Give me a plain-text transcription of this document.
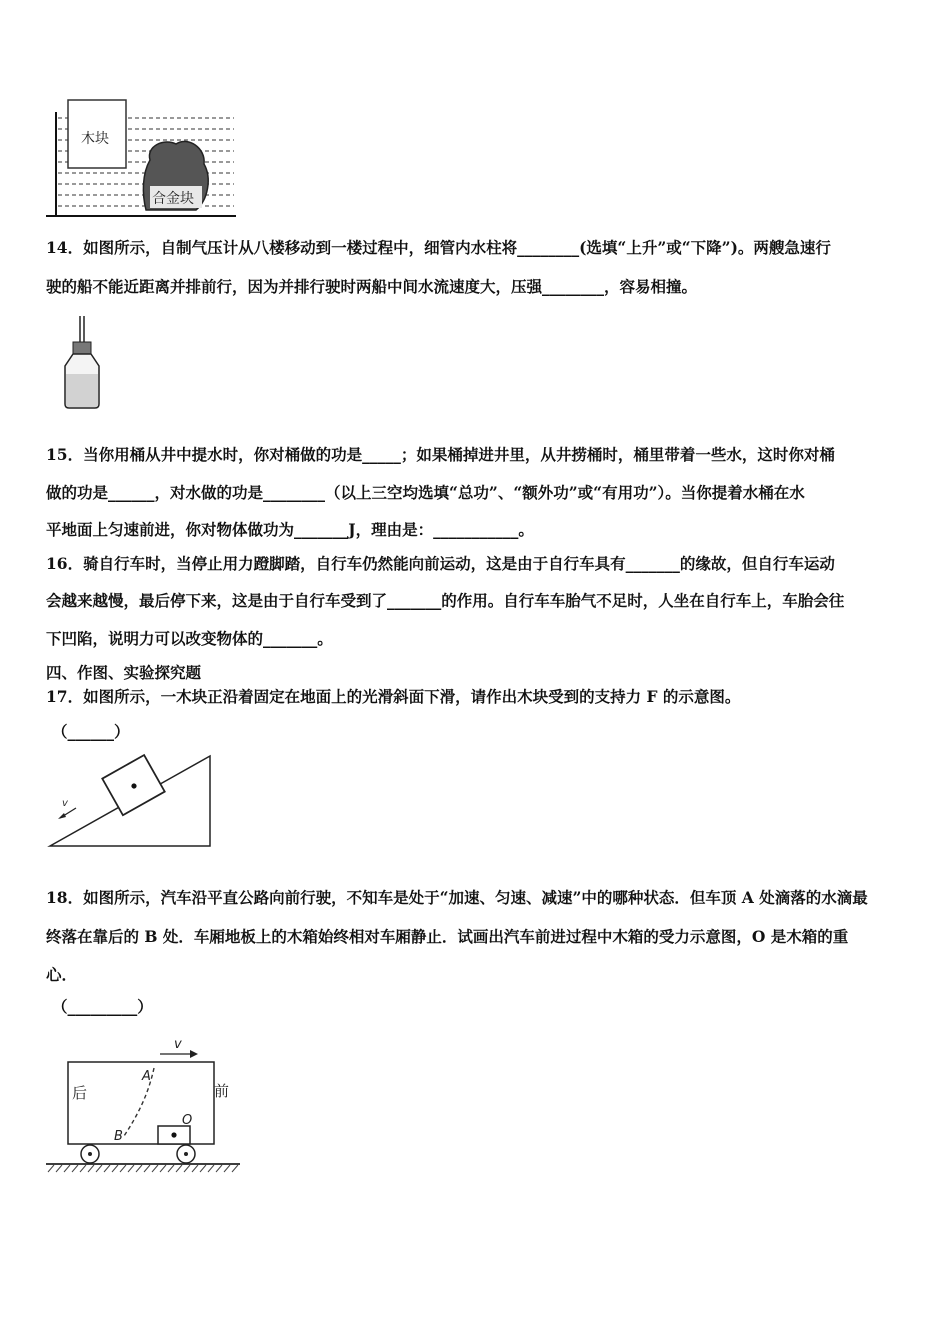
木块
合金块
14．如图所示，自制气压计从八楼移动到一楼过程中，细管内水柱将________(选填“上升”或“下降”)。两艘急速行
驶的船不能近距离并排前行，因为并排行驶时两船中间水流速度大，压强________，容易相撞。
15．当你用桶从井中提水时，你对桶做的功是_____；如果桶掉进井里，从井捞桶时，桶里带着一些水，这时你对桶
做的功是______，对水做的功是________（以上三空均选填“总功”、“额外功”或“有用功”）。当你提着水桶在水
平地面上匀速前进，你对物体做功为_______J，理由是：___________。
16．骑自行车时，当停止用力蹬脚踏，自行车仍然能向前运动，这是由于自行车具有_______的缘故，但自行车运动
会越来越慢，最后停下来，这是由于自行车受到了_______的作用。自行车车胎气不足时，人坐在自行车上，车胎会往
下凹陷，说明力可以改变物体的_______。
四、作图、实验探究题
17．如图所示，一木块正沿着固定在地面上的光滑斜面下滑，请作出木块受到的支持力 F 的示意图。
（______）
v
18．如图所示，汽车沿平直公路向前行驶，不知车是处于“加速、匀速、减速”中的哪种状态．但车顶 A 处滴落的水滴最
终落在靠后的 B 处．车厢地板上的木箱始终相对车厢静止．试画出汽车前进过程中木箱的受力示意图，O 是木箱的重
心．
（_________）
v
后	前
A
B
O
